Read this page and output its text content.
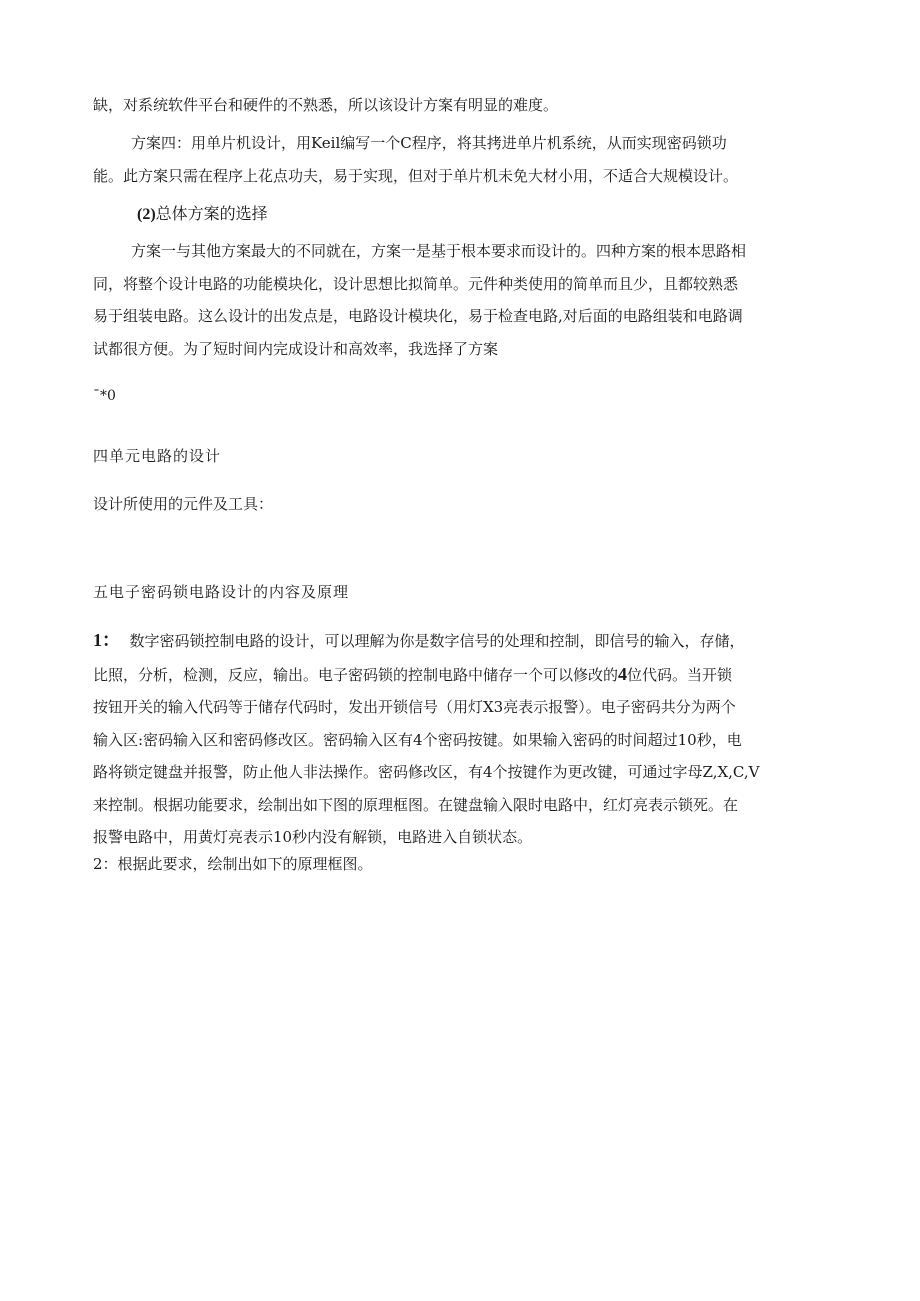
缺，对系统软件平台和硬件的不熟悉，所以该设计方案有明显的难度。
方案四：用单片机设计，用Keil编写一个C程序，将其拷进单片机系统，从而实现密码锁功
能。此方案只需在程序上花点功夫，易于实现，但对于单片机未免大材小用，不适合大规模设计。
(2)总体方案的选择
方案一与其他方案最大的不同就在，方案一是基于根本要求而设计的。四种方案的根本思路相
同，将整个设计电路的功能模块化，设计思想比拟简单。元件种类使用的简单而且少，且都较熟悉
易于组装电路。这么设计的出发点是，电路设计模块化，易于检查电路,对后面的电路组装和电路调
试都很方便。为了短时间内完成设计和高效率，我选择了方案
¯*0
四单元电路的设计
设计所使用的元件及工具：
五电子密码锁电路设计的内容及原理
1： 数字密码锁控制电路的设计，可以理解为你是数字信号的处理和控制，即信号的输入，存储，
比照，分析，检测，反应，输出。电子密码锁的控制电路中储存一个可以修改的4位代码。当开锁
按钮开关的输入代码等于储存代码时，发出开锁信号（用灯X3亮表示报警）。电子密码共分为两个
输入区:密码输入区和密码修改区。密码输入区有4个密码按键。如果输入密码的时间超过10秒，电
路将锁定键盘并报警，防止他人非法操作。密码修改区，有4个按键作为更改键，可通过字母Z,X,C,V
来控制。根据功能要求，绘制出如下图的原理框图。在键盘输入限时电路中，红灯亮表示锁死。在
报警电路中，用黄灯亮表示10秒内没有解锁，电路进入自锁状态。
2：根据此要求，绘制出如下的原理框图。
